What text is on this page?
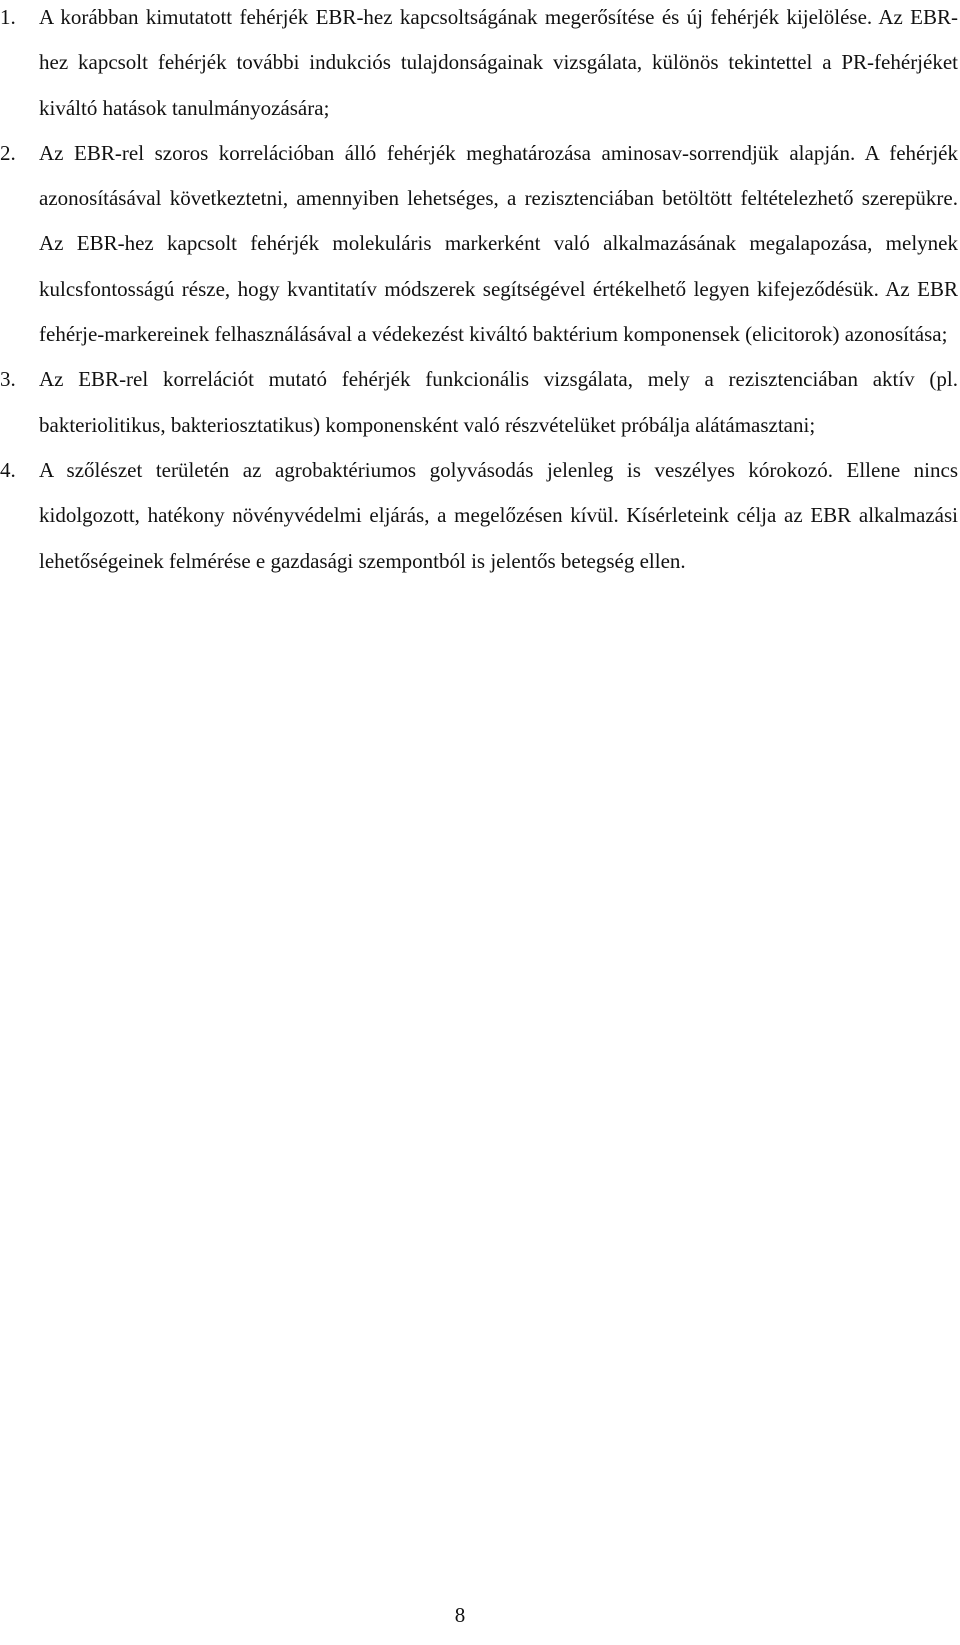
1. A korábban kimutatott fehérjék EBR-hez kapcsoltságának megerősítése és új fehérjék kijelölése. Az EBR-hez kapcsolt fehérjék további indukciós tulajdonságainak vizsgálata, különös tekintettel a PR-fehérjéket kiváltó hatások tanulmányozására;
2. Az EBR-rel szoros korrelációban álló fehérjék meghatározása aminosav-sorrendjük alapján. A fehérjék azonosításával következtetni, amennyiben lehetséges, a rezisztenciában betöltött feltételezhető szerepükre. Az EBR-hez kapcsolt fehérjék molekuláris markerként való alkalmazásának megalapozása, melynek kulcsfontosságú része, hogy kvantitatív módszerek segítségével értékelhető legyen kifejeződésük. Az EBR fehérje-markereinek felhasználásával a védekezést kiváltó baktérium komponensek (elicitorok) azonosítása;
3. Az EBR-rel korrelációt mutató fehérjék funkcionális vizsgálata, mely a rezisztenciában aktív (pl. bakteriolitikus, bakteriosztatikus) komponensként való részvételüket próbálja alátámasztani;
4. A szőlészet területén az agrobaktériumos golyvásodás jelenleg is veszélyes kórokozó. Ellene nincs kidolgozott, hatékony növényvédelmi eljárás, a megelőzésen kívül. Kísérleteink célja az EBR alkalmazási lehetőségeinek felmérése e gazdasági szempontból is jelentős betegség ellen.
8
